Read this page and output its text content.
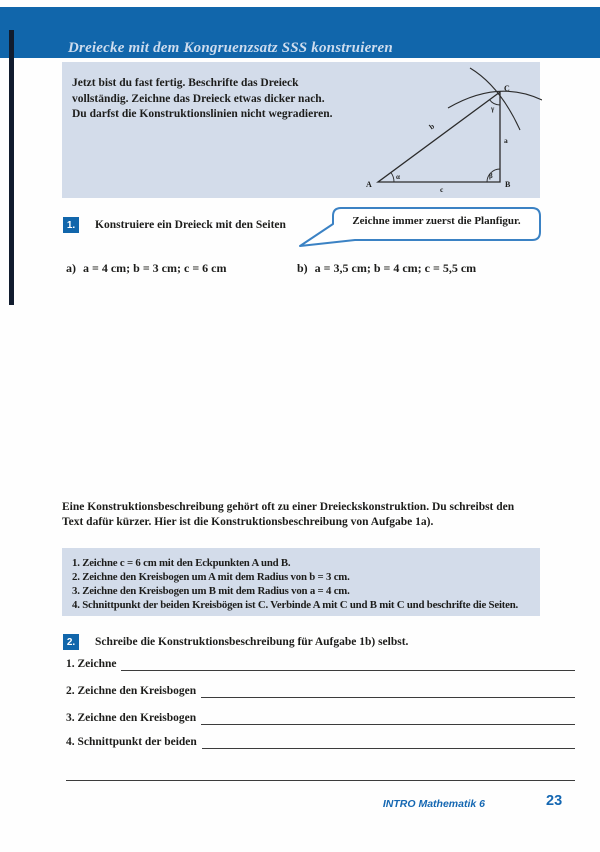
Dreiecke mit dem Kongruenzsatz SSS konstruieren
Jetzt bist du fast fertig. Beschrifte das Dreieck vollständig. Zeichne das Dreieck etwas dicker nach. Du darfst die Konstruktionslinien nicht wegradieren.
A	B
C
a
b
c
α	β
γ
1. Konstruiere ein Dreieck mit den Seiten	Zeichne immer zuerst die Planfigur.
a) a = 4 cm; b = 3 cm; c = 6 cm	b) a = 3,5 cm; b = 4 cm; c = 5,5 cm
Eine Konstruktionsbeschreibung gehört oft zu einer Dreieckskonstruktion. Du schreibst den Text dafür kürzer. Hier ist die Konstruktionsbeschreibung von Aufgabe 1a).
1. Zeichne c = 6 cm mit den Eckpunkten A und B.
2. Zeichne den Kreisbogen um A mit dem Radius von b = 3 cm.
3. Zeichne den Kreisbogen um B mit dem Radius von a = 4 cm.
4. Schnittpunkt der beiden Kreisbögen ist C. Verbinde A mit C und B mit C und beschrifte die Seiten.
2. Schreibe die Konstruktionsbeschreibung für Aufgabe 1b) selbst.
1. Zeichne
2. Zeichne den Kreisbogen
3. Zeichne den Kreisbogen
4. Schnittpunkt der beiden
INTRO Mathematik 6	23
